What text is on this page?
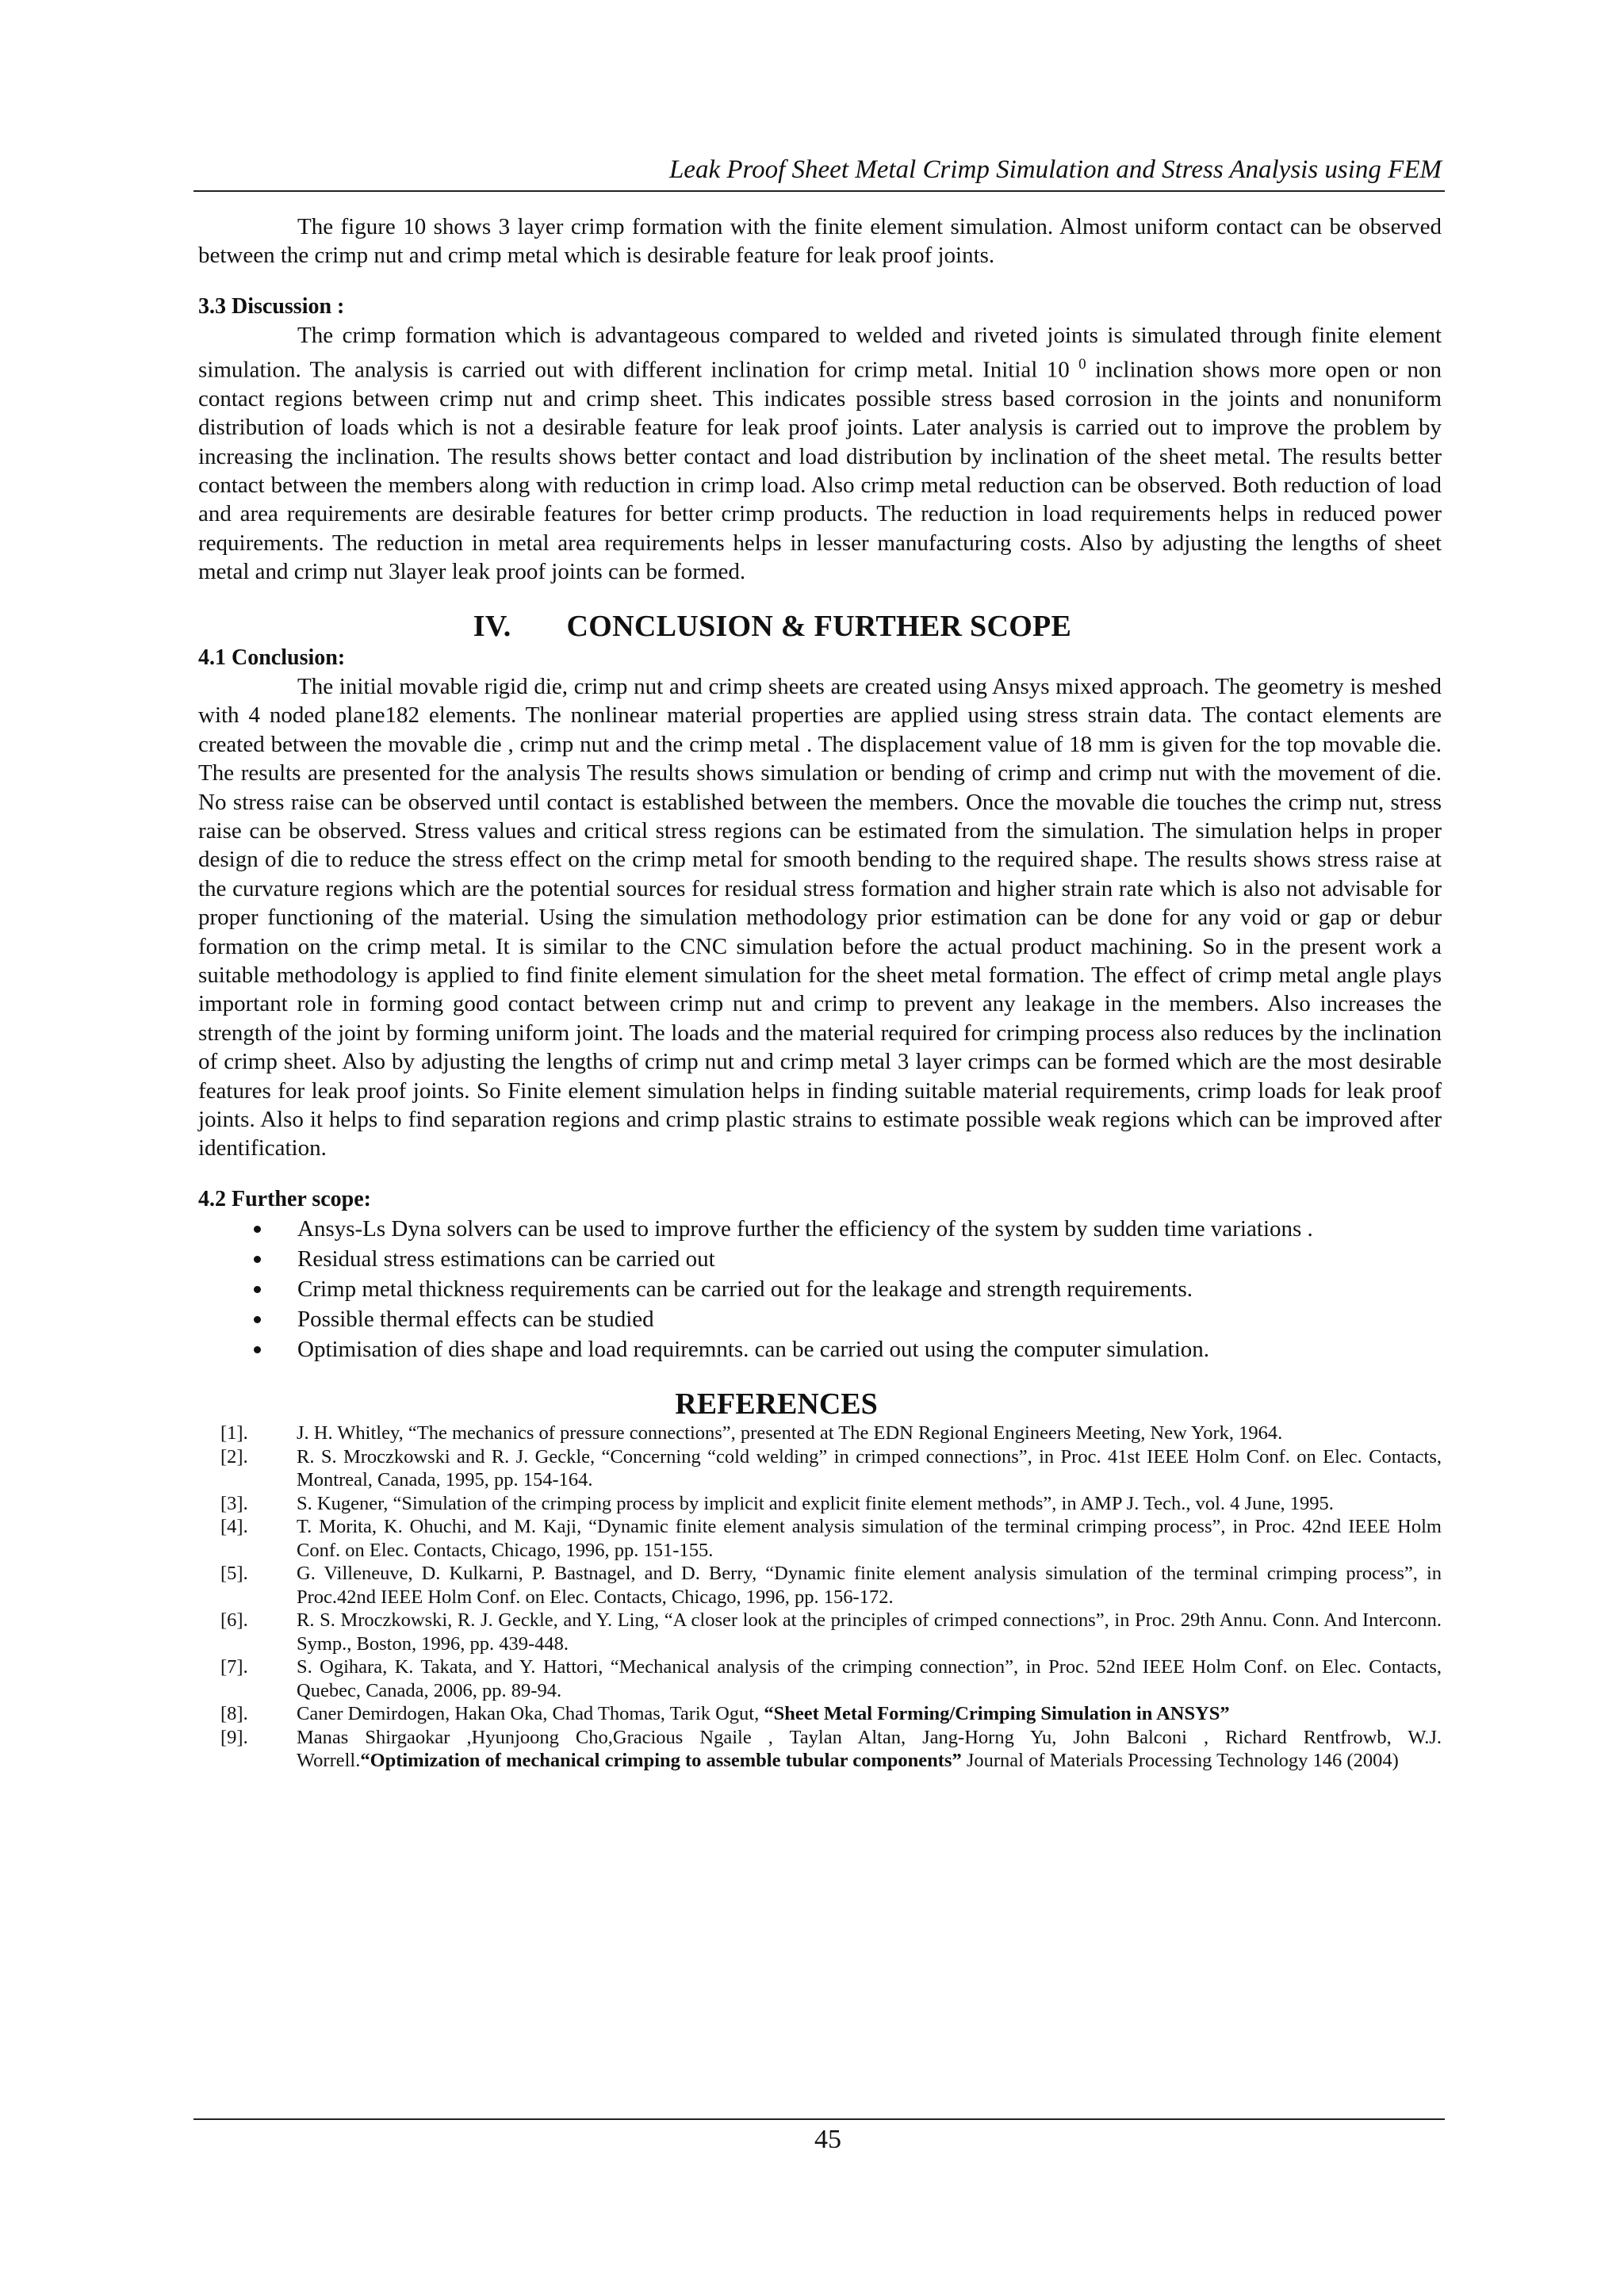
Leak Proof Sheet Metal Crimp Simulation and Stress Analysis using FEM

The figure 10 shows 3 layer crimp formation with the finite element simulation. Almost uniform contact can be observed between the crimp nut and crimp metal which is desirable feature for leak proof joints.

3.3 Discussion :

The crimp formation which is advantageous compared to welded and riveted joints is simulated through finite element simulation. The analysis is carried out with different inclination for crimp metal. Initial 10 $^0$ inclination shows more open or non contact regions between crimp nut and crimp sheet. This indicates possible stress based corrosion in the joints and nonuniform distribution of loads which is not a desirable feature for leak proof joints. Later analysis is carried out to improve the problem by increasing the inclination. The results shows better contact and load distribution by inclination of the sheet metal. The results better contact between the members along with reduction in crimp load. Also crimp metal reduction can be observed. Both reduction of load and area requirements are desirable features for better crimp products. The reduction in load requirements helps in reduced power requirements. The reduction in metal area requirements helps in lesser manufacturing costs. Also by adjusting the lengths of sheet metal and crimp nut 3layer leak proof joints can be formed.

IV. CONCLUSION & FURTHER SCOPE
4.1 Conclusion:

The initial movable rigid die, crimp nut and crimp sheets are created using Ansys mixed approach. The geometry is meshed with 4 noded plane182 elements. The nonlinear material properties are applied using stress strain data. The contact elements are created between the movable die , crimp nut and the crimp metal . The displacement value of 18 mm is given for the top movable die. The results are presented for the analysis The results shows simulation or bending of crimp and crimp nut with the movement of die. No stress raise can be observed until contact is established between the members. Once the movable die touches the crimp nut, stress raise can be observed. Stress values and critical stress regions can be estimated from the simulation. The simulation helps in proper design of die to reduce the stress effect on the crimp metal for smooth bending to the required shape. The results shows stress raise at the curvature regions which are the potential sources for residual stress formation and higher strain rate which is also not advisable for proper functioning of the material. Using the simulation methodology prior estimation can be done for any void or gap or debur formation on the crimp metal. It is similar to the CNC simulation before the actual product machining. So in the present work a suitable methodology is applied to find finite element simulation for the sheet metal formation. The effect of crimp metal angle plays important role in forming good contact between crimp nut and crimp to prevent any leakage in the members. Also increases the strength of the joint by forming uniform joint. The loads and the material required for crimping process also reduces by the inclination of crimp sheet. Also by adjusting the lengths of crimp nut and crimp metal 3 layer crimps can be formed which are the most desirable features for leak proof joints. So Finite element simulation helps in finding suitable material requirements, crimp loads for leak proof joints. Also it helps to find separation regions and crimp plastic strains to estimate possible weak regions which can be improved after identification.

4.2 Further scope:
Ansys-Ls Dyna solvers can be used to improve further the efficiency of the system by sudden time variations .
Residual stress estimations can be carried out
Crimp metal thickness requirements can be carried out for the leakage and strength requirements.
Possible thermal effects can be studied
Optimisation of dies shape and load requiremnts. can be carried out using the computer simulation.
REFERENCES
[1].	J. H. Whitley, “The mechanics of pressure connections”, presented at The EDN Regional Engineers Meeting, New York, 1964.
[2].	R. S. Mroczkowski and R. J. Geckle, “Concerning “cold welding” in crimped connections”, in Proc. 41st IEEE Holm Conf. on Elec. Contacts, Montreal, Canada, 1995, pp. 154-164.
[3].	S. Kugener, “Simulation of the crimping process by implicit and explicit finite element methods”, in AMP J. Tech., vol. 4 June, 1995.
[4].	T. Morita, K. Ohuchi, and M. Kaji, “Dynamic finite element analysis simulation of the terminal crimping process”, in Proc. 42nd IEEE Holm Conf. on Elec. Contacts, Chicago, 1996, pp. 151-155.
[5].	G. Villeneuve, D. Kulkarni, P. Bastnagel, and D. Berry, “Dynamic finite element analysis simulation of the terminal crimping process”, in Proc.42nd IEEE Holm Conf. on Elec. Contacts, Chicago, 1996, pp. 156-172.
[6].	R. S. Mroczkowski, R. J. Geckle, and Y. Ling, “A closer look at the principles of crimped connections”, in Proc. 29th Annu. Conn. And Interconn. Symp., Boston, 1996, pp. 439-448.
[7].	S. Ogihara, K. Takata, and Y. Hattori, “Mechanical analysis of the crimping connection”, in Proc. 52nd IEEE Holm Conf. on Elec. Contacts, Quebec, Canada, 2006, pp. 89-94.
[8].	Caner Demirdogen, Hakan Oka, Chad Thomas, Tarik Ogut, “Sheet Metal Forming/Crimping Simulation in ANSYS”
[9].	Manas Shirgaokar ,Hyunjoong Cho,Gracious Ngaile , Taylan Altan, Jang-Horng Yu, John Balconi , Richard Rentfrowb, W.J. Worrell.“Optimization of mechanical crimping to assemble tubular components” Journal of Materials Processing Technology 146 (2004)
45
